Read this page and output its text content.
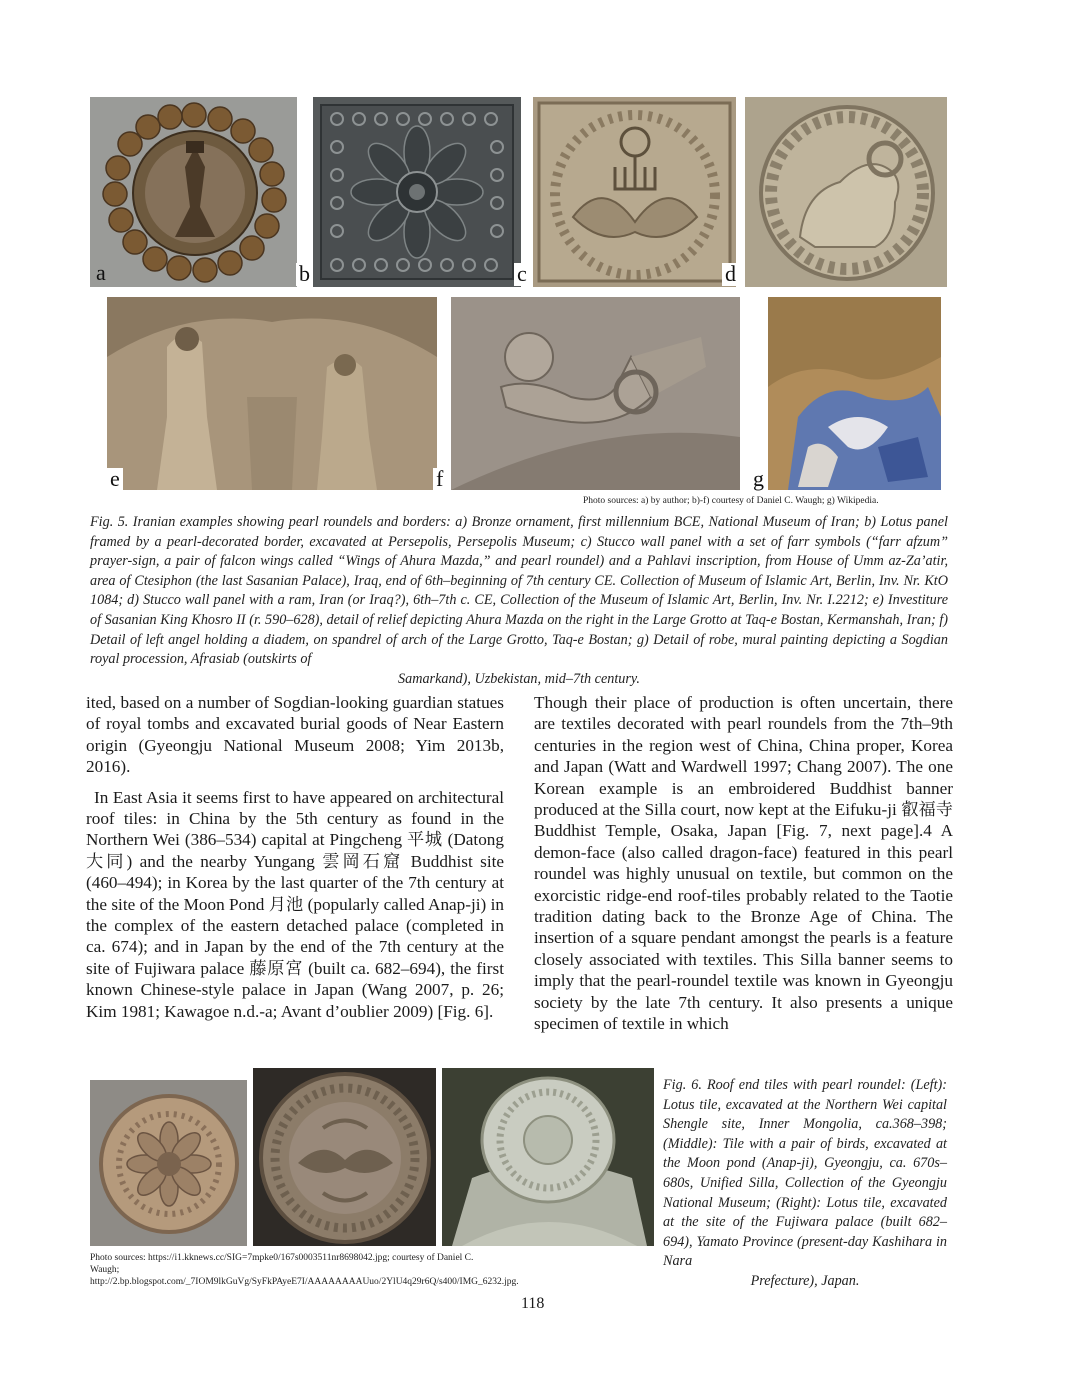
a	b	c	d
e	f	g
Photo sources: a) by author; b)-f) courtesy of Daniel C. Waugh; g) Wikipedia.
Fig. 5. Iranian examples showing pearl roundels and borders: a) Bronze ornament, first millennium BCE, National Museum of Iran; b) Lotus panel framed by a pearl-decorated border, excavated at Persepolis, Persepolis Museum; c) Stucco wall panel with a set of farr symbols (“farr afzum” prayer-sign, a pair of falcon wings called “Wings of Ahura Mazda,” and pearl roundel) and a Pahlavi inscription, from House of Umm az-Za’atir, area of Ctesiphon (the last Sasanian Palace), Iraq, end of 6th–beginning of 7th century CE. Collection of Museum of Islamic Art, Berlin, Inv. Nr. KtO 1084; d) Stucco wall panel with a ram, Iran (or Iraq?), 6th–7th c. CE, Collection of the Museum of Islamic Art, Berlin, Inv. Nr. I.2212; e) Investiture of Sasanian King Khosro II (r. 590–628), detail of relief depicting Ahura Mazda on the right in the Large Grotto at Taq-e Bostan, Kermanshah, Iran; f) Detail of left angel holding a diadem, on spandrel of arch of the Large Grotto, Taq-e Bostan; g) Detail of robe, mural painting depicting a Sogdian royal procession, Afrasiab (outskirts of
Samarkand), Uzbekistan, mid–7th century.

ited, based on a number of Sogdian-looking guardian statues of royal tombs and excavated burial goods of Near Eastern origin (Gyeongju National Museum 2008; Yim 2013b, 2016).

In East Asia it seems first to have appeared on architectural roof tiles: in China by the 5th century as found in the Northern Wei (386–534) capital at Pingcheng 平城 (Datong 大同) and the nearby Yungang 雲岡石窟 Buddhist site (460–494); in Korea by the last quarter of the 7th century at the site of the Moon Pond 月池 (popularly called Anap-ji) in the complex of the eastern detached palace (completed in ca. 674); and in Japan by the end of the 7th century at the site of Fujiwara palace 藤原宮 (built ca. 682–694), the first known Chinese-style palace in Japan (Wang 2007, p. 26; Kim 1981; Kawagoe n.d.-a; Avant d’oublier 2009) [Fig. 6].

Though their place of production is often uncertain, there are textiles decorated with pearl roundels from the 7th–9th centuries in the region west of China, China proper, Korea and Japan (Watt and Wardwell 1997; Chang 2007). The one Korean example is an embroidered Buddhist banner produced at the Silla court, now kept at the Eifuku-ji 叡福寺 Buddhist Temple, Osaka, Japan [Fig. 7, next page].4 A demon-face (also called dragon-face) featured in this pearl roundel was highly unusual on textile, but common on the exorcistic ridge-end roof-tiles probably related to the Taotie tradition dating back to the Bronze Age of China. The insertion of a square pendant amongst the pearls is a feature closely associated with textiles. This Silla banner seems to imply that the pearl-roundel textile was known in Gyeongju society by the late 7th century. It also presents a unique specimen of textile in which

Photo sources: https://i1.kknews.cc/SIG=7mpke0/167s0003511nr8698042.jpg; courtesy of Daniel C. Waugh; http://2.bp.blogspot.com/_7IOM9lkGuVg/SyFkPAyeE7I/AAAAAAAAUuo/2YlU4q29r6Q/s400/IMG_6232.jpg.
Fig. 6. Roof end tiles with pearl roundel: (Left): Lotus tile, excavated at the Northern Wei capital Shengle site, Inner Mongolia, ca.368–398; (Middle): Tile with a pair of birds, excavated at the Moon pond (Anap-ji), Gyeongju, ca. 670s–680s, Unified Silla, Collection of the Gyeongju National Museum; (Right): Lotus tile, excavated at the site of the Fujiwara palace (built 682–694), Yamato Province (present-day Kashihara in Nara
Prefecture), Japan.
118
